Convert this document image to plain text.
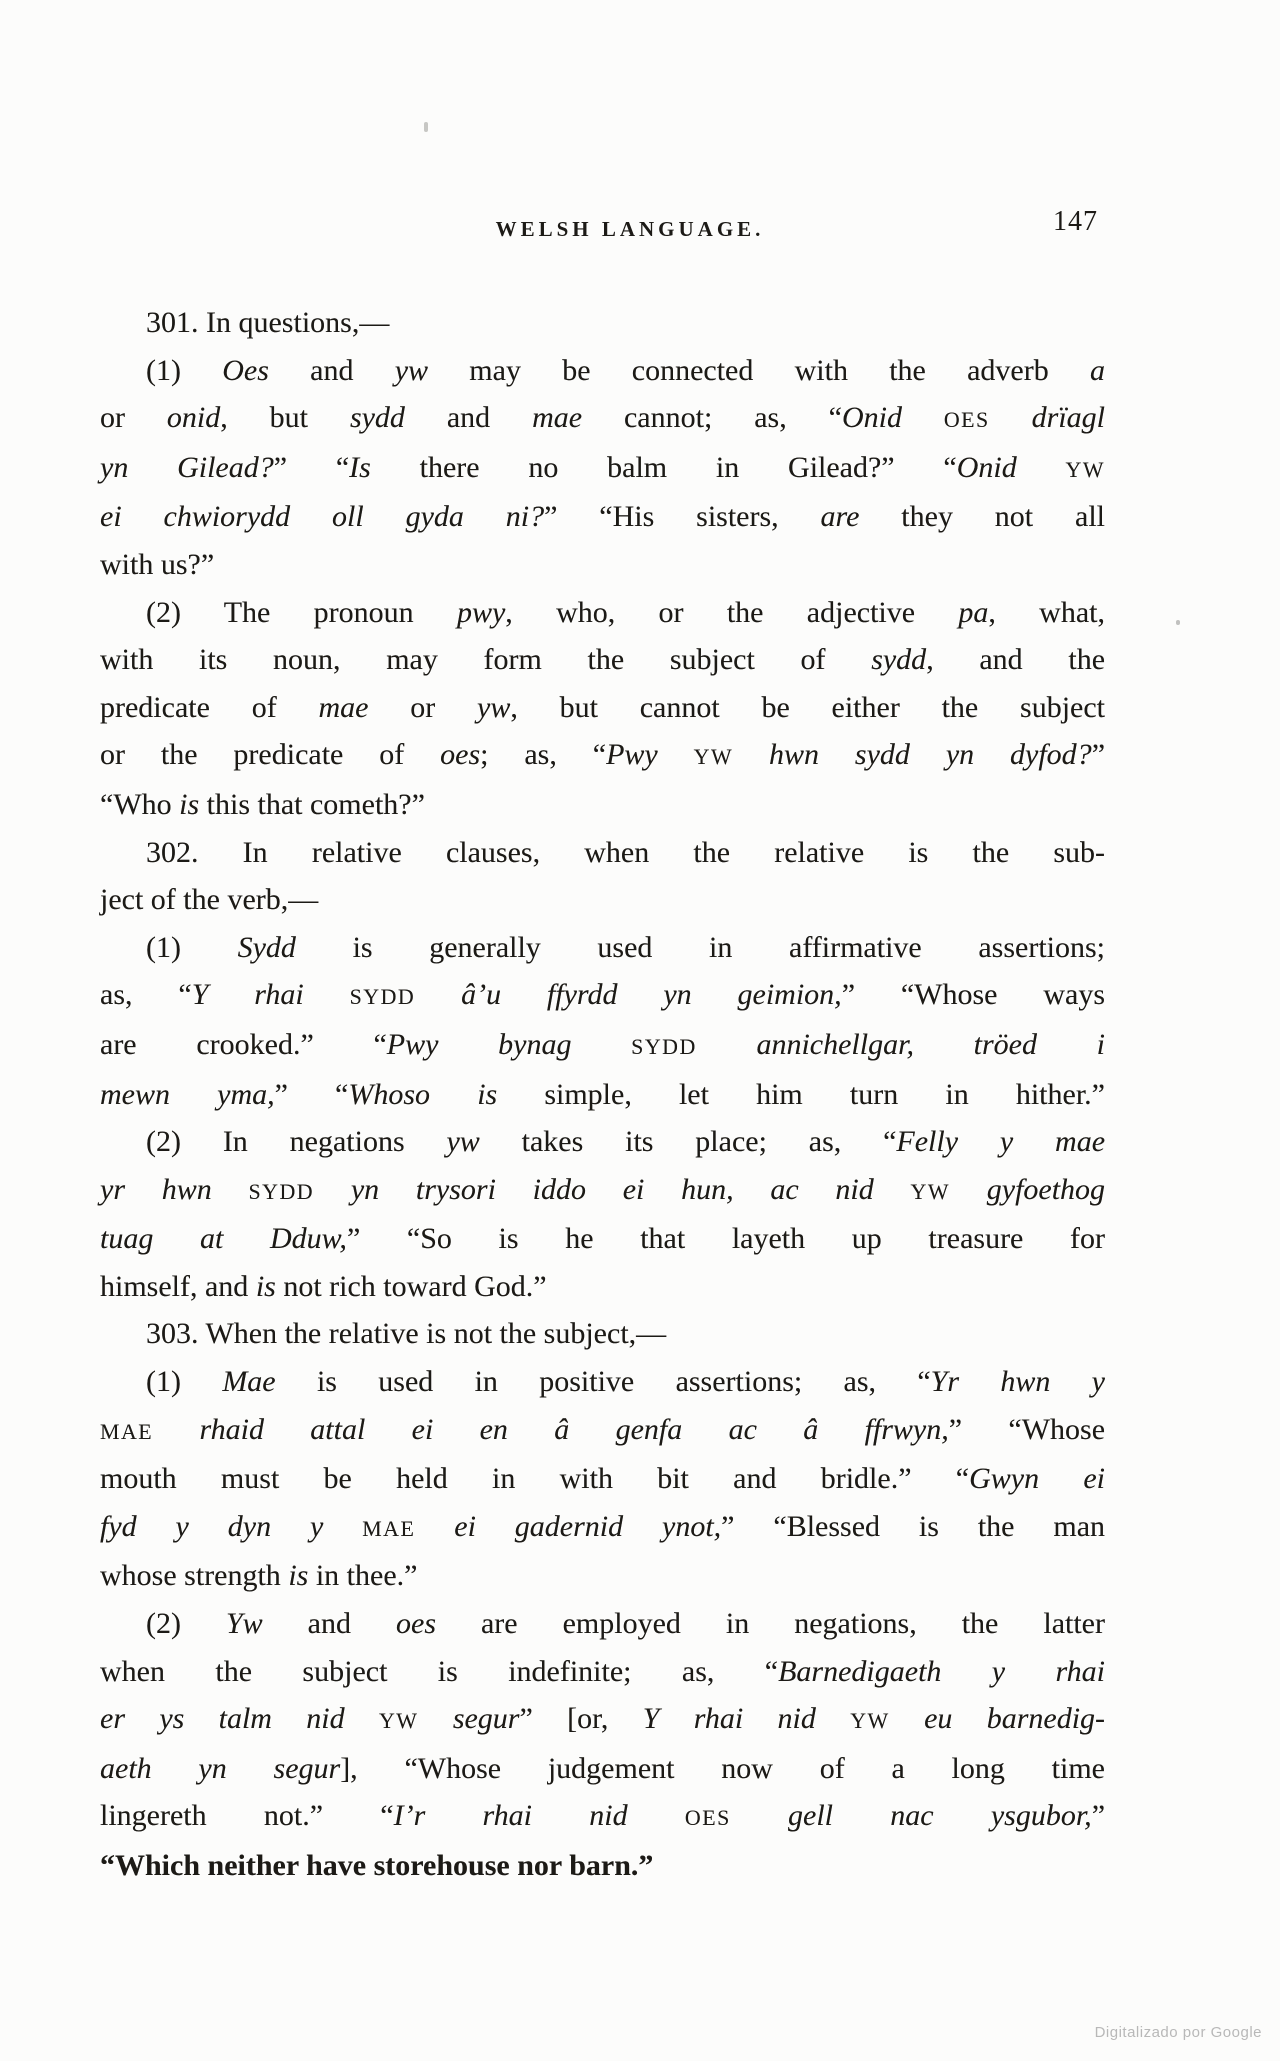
WELSH LANGUAGE.	147
301. In questions,—
(1) Oes and yw may be connected with the adverb a
or onid, but sydd and mae cannot; as, “Onid OES drïagl
yn Gilead?” “Is there no balm in Gilead?” “Onid YW
ei chwiorydd oll gyda ni?” “His sisters, are they not all
with us?”
(2) The pronoun pwy, who, or the adjective pa, what,
with its noun, may form the subject of sydd, and the
predicate of mae or yw, but cannot be either the subject
or the predicate of oes; as, “Pwy YW hwn sydd yn dyfod?”
“Who is this that cometh?”
302. In relative clauses, when the relative is the sub-
ject of the verb,—
(1) Sydd is generally used in affirmative assertions;
as, “Y rhai SYDD â’u ffyrdd yn geimion,” “Whose ways
are crooked.” “Pwy bynag	SYDD annichellgar, tröed i
mewn yma,” “Whoso is simple, let him turn in hither.”
(2) In negations yw takes its place; as, “Felly y mae
yr hwn SYDD yn trysori iddo ei hun, ac nid YW gyfoethog
tuag at Dduw,” “So is he that layeth up treasure for
himself, and is not rich toward God.”
303. When the relative is not the subject,—
(1) Mae is used in positive assertions; as, “Yr hwn y
MAE rhaid attal ei en â genfa ac â ffrwyn,” “Whose
mouth must be held in with bit and bridle.” “Gwyn ei
fyd y dyn y MAE ei gadernid ynot,” “Blessed is the man
whose strength is in thee.”
(2) Yw and oes are employed in negations, the latter
when the subject is indefinite; as, “Barnedigaeth y rhai
er ys talm nid YW segur” [or, Y rhai nid YW eu barnedig-
aeth yn segur], “Whose judgement now of a long time
lingereth not.” “I’r rhai nid	OES gell nac ysgubor,”
“Which neither have storehouse nor barn.”
Digitalizado por Google
